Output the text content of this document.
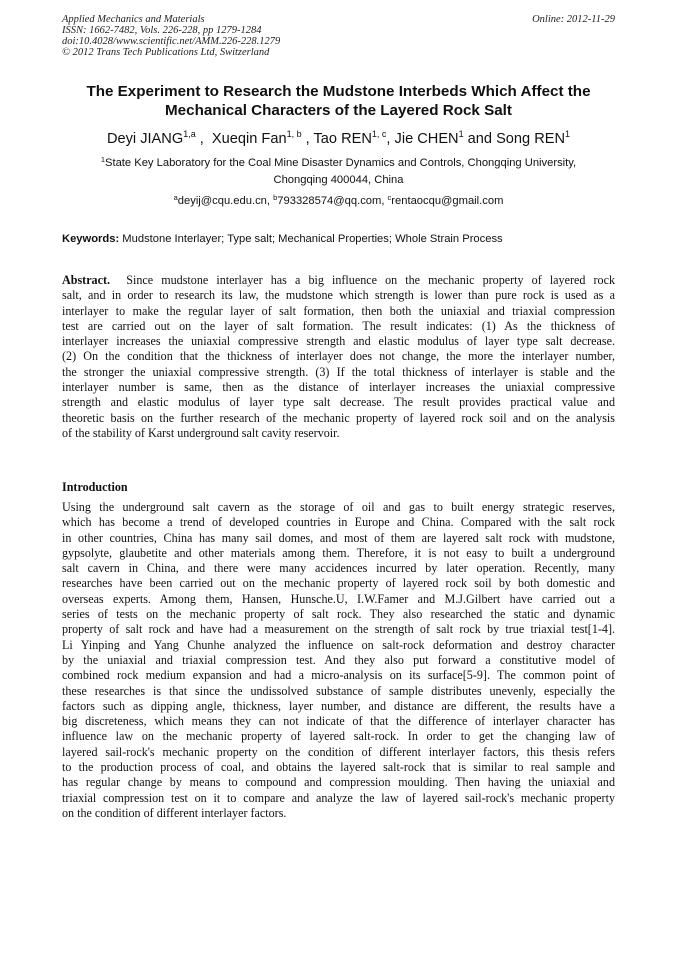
Applied Mechanics and Materials
ISSN: 1662-7482, Vols. 226-228, pp 1279-1284
doi:10.4028/www.scientific.net/AMM.226-228.1279
© 2012 Trans Tech Publications Ltd, Switzerland
Online: 2012-11-29
The Experiment to Research the Mudstone Interbeds Which Affect the
Mechanical Characters of the Layered Rock Salt
Deyi JIANG$^{1,a}$ ,  Xueqin Fan$^{1, b}$ , Tao REN$^{1, c}$, Jie CHEN$^1$ and Song REN$^1$
$^1$State Key Laboratory for the Coal Mine Disaster Dynamics and Controls, Chongqing University,
Chongqing 400044, China
$^a$deyij@cqu.edu.cn, $^b$793328574@qq.com, $^c$rentaocqu@gmail.com
Keywords: Mudstone Interlayer; Type salt; Mechanical Properties; Whole Strain Process
Abstract. Since mudstone interlayer has a big influence on the mechanic property of layered rock
salt, and in order to research its law, the mudstone which strength is lower than pure rock is used as a
interlayer to make the regular layer of salt formation, then both the uniaxial and triaxial compression
test are carried out on the layer of salt formation. The result indicates: (1) As the thickness of
interlayer increases the uniaxial compressive strength and elastic modulus of layer type salt decrease.
(2) On the condition that the thickness of interlayer does not change, the more the interlayer number,
the stronger the uniaxial compressive strength. (3) If the total thickness of interlayer is stable and the
interlayer number is same, then as the distance of interlayer increases the uniaxial compressive
strength and elastic modulus of layer type salt decrease. The result provides practical value and
theoretic basis on the further research of the mechanic property of layered rock soil and on the analysis
of the stability of Karst underground salt cavity reservoir.
Introduction
Using the underground salt cavern as the storage of oil and gas to built energy strategic reserves,
which has become a trend of developed countries in Europe and China. Compared with the salt rock
in other countries, China has many sail domes, and most of them are layered salt rock with mudstone,
gypsolyte, glaubetite and other materials among them. Therefore, it is not easy to built a underground
salt cavern in China, and there were many accidences incurred by later operation. Recently, many
researches have been carried out on the mechanic property of layered rock soil by both domestic and
overseas experts. Among them, Hansen, Hunsche.U, I.W.Famer and M.J.Gilbert have carried out a
series of tests on the mechanic property of salt rock. They also researched the static and dynamic
property of salt rock and have had a measurement on the strength of salt rock by true triaxial test[1-4].
Li Yinping and Yang Chunhe analyzed the influence on salt-rock deformation and destroy character
by the uniaxial and triaxial compression test. And they also put forward a constitutive model of
combined rock medium expansion and had a micro-analysis on its surface[5-9]. The common point of
these researches is that since the undissolved substance of sample distributes unevenly, especially the
factors such as dipping angle, thickness, layer number, and distance are different, the results have a
big discreteness, which means they can not indicate of that the difference of interlayer character has
influence law on the mechanic property of layered salt-rock. In order to get the changing law of
layered sail-rock's mechanic property on the condition of different interlayer factors, this thesis refers
to the production process of coal, and obtains the layered salt-rock that is similar to real sample and
has regular change by means to compound and compression moulding. Then having the uniaxial and
triaxial compression test on it to compare and analyze the law of layered sail-rock's mechanic property
on the condition of different interlayer factors.
